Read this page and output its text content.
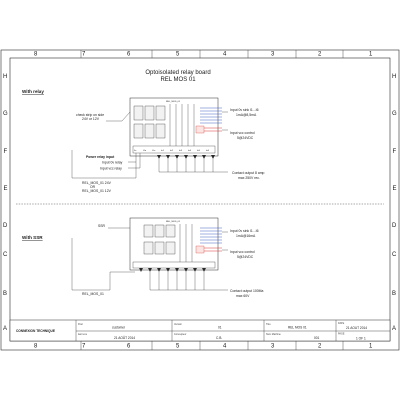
8	7	6	5	4	3	2	1
8	7	6	5	4	3	2	1
H
G
F
E
D
C
B
A
H
G
F
E
D
C
B
A
Optoisolated relay board
REL MOS 01
With relay
REL_MOS_01
0v	Vin	Vcc	lo1	lo2	lo3	lo4	lo5	lo6
check strip on side
24V or 12V
Power relay input
Input 0v relay
Input vcc relay
REL_MOS_01 24V
OR
REL_MOS_01 12V
Input 0v sink I1...I6
1mA@8,5mA
Input vcc control
5@24VDC
Contact output 8 amp
max 250V rec.
With SSR
REL_MOS_01
SSR
REL_MOS_01
Input 0v sink I1...I6
1mA@16mA
Input vcc control
5@24VDC
Contact output 100Ma
max 60V
CONNEXION TECHNIQUE
Pour
customer
last revu
21 AOÛT 2014
Version
01
Concepteur
C.B.
Titre
REL MOS 01
Num Machine
001
DATE
21 AOUT 2014
PAGE
1 OF 1
